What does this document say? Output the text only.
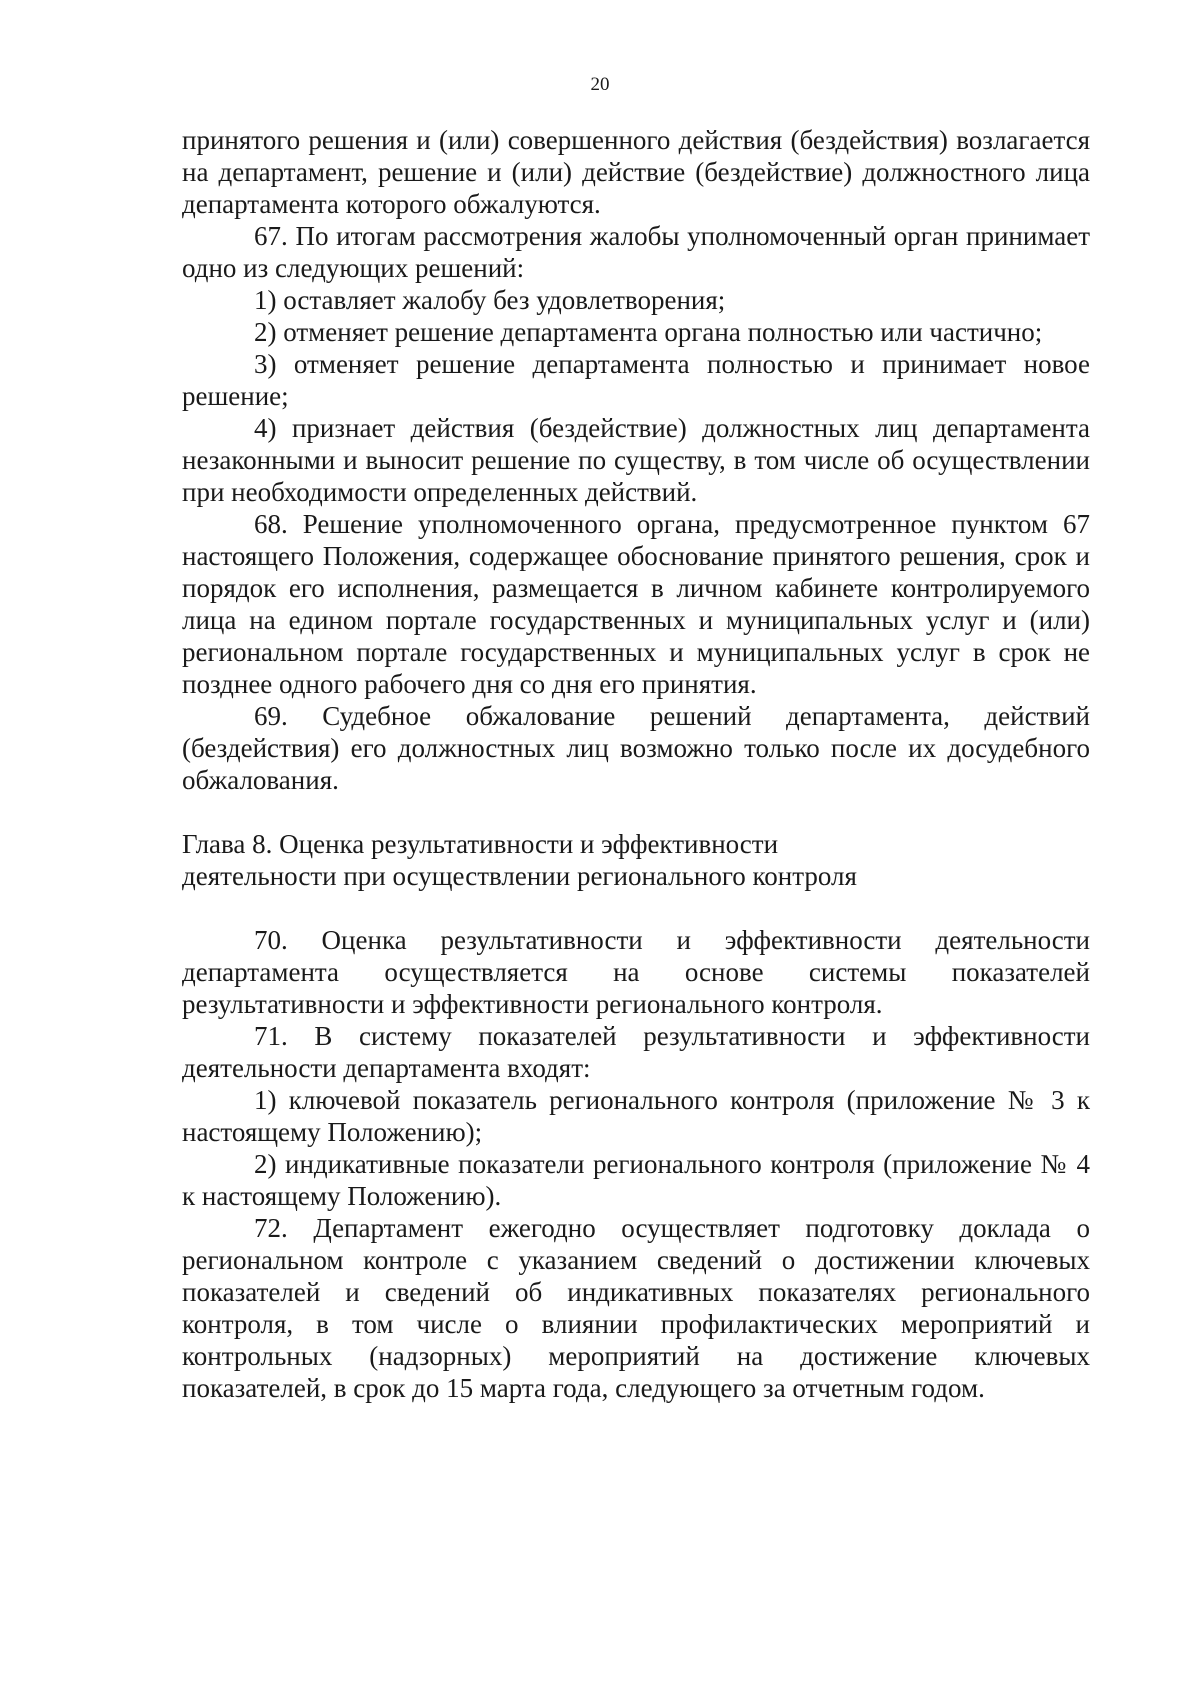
20

принятого решения и (или) совершенного действия (бездействия) возлагается на департамент, решение и (или) действие (бездействие) должностного лица департамента которого обжалуются.

67. По итогам рассмотрения жалобы уполномоченный орган принимает одно из следующих решений:

1) оставляет жалобу без удовлетворения;

2) отменяет решение департамента органа полностью или частично;

3) отменяет решение департамента полностью и принимает новое решение;

4) признает действия (бездействие) должностных лиц департамента незаконными и выносит решение по существу, в том числе об осуществлении при необходимости определенных действий.

68. Решение уполномоченного органа, предусмотренное пунктом 67 настоящего Положения, содержащее обоснование принятого решения, срок и порядок его исполнения, размещается в личном кабинете контролируемого лица на едином портале государственных и муниципальных услуг и (или) региональном портале государственных и муниципальных услуг в срок не позднее одного рабочего дня со дня его принятия.

69. Судебное обжалование решений департамента, действий (бездействия) его должностных лиц возможно только после их досудебного обжалования.

Глава 8. Оценка результативности и эффективности
деятельности при осуществлении регионального контроля

70. Оценка результативности и эффективности деятельности департамента осуществляется на основе системы показателей результативности и эффективности регионального контроля.

71. В систему показателей результативности и эффективности деятельности департамента входят:

1) ключевой показатель регионального контроля (приложение № 3 к настоящему Положению);

2) индикативные показатели регионального контроля (приложение № 4 к настоящему Положению).

72. Департамент ежегодно осуществляет подготовку доклада о региональном контроле с указанием сведений о достижении ключевых показателей и сведений об индикативных показателях регионального контроля, в том числе о влиянии профилактических мероприятий и контрольных (надзорных) мероприятий на достижение ключевых показателей, в срок до 15 марта года, следующего за отчетным годом.
